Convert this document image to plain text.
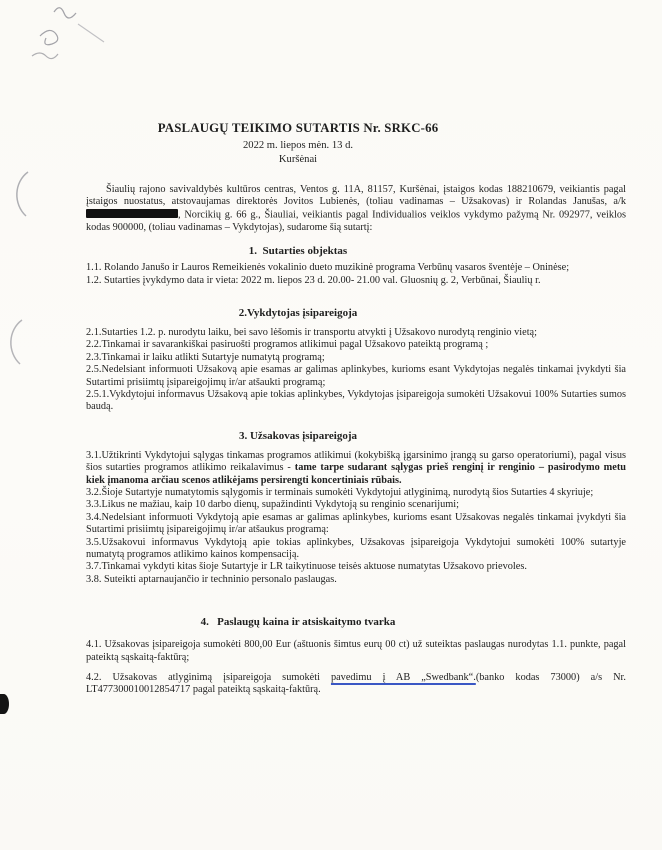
PASLAUGŲ TEIKIMO SUTARTIS Nr. SRKC-66
2022 m. liepos mėn. 13 d.
Kuršėnai

Šiaulių rajono savivaldybės kultūros centras, Ventos g. 11A, 81157, Kuršėnai, įstaigos kodas 188210679, veikiantis pagal įstaigos nuostatus, atstovaujamas direktorės Jovitos Lubienės, (toliau vadinamas – Užsakovas) ir Rolandas Janušas, a/k , Norcikių g. 66 g., Šiauliai, veikiantis pagal Individualios veiklos vykdymo pažymą Nr. 092977, veiklos kodas 900000, (toliau vadinamas – Vykdytojas), sudarome šią sutartį:

1.  Sutarties objektas

1.1. Rolando Janušo ir Lauros Remeikienės vokalinio dueto muzikinė programa Verbūnų vasaros šventėje – Oninėse;

1.2. Sutarties įvykdymo data ir vieta: 2022 m. liepos 23 d. 20.00- 21.00 val. Gluosnių g. 2, Verbūnai, Šiaulių r.

2.Vykdytojas įsipareigoja

2.1.Sutarties 1.2. p. nurodytu laiku, bei savo lėšomis ir transportu atvykti į Užsakovo nurodytą renginio vietą;

2.2.Tinkamai ir savarankiškai pasiruošti programos atlikimui pagal Užsakovo pateiktą programą ;

2.3.Tinkamai ir laiku atlikti Sutartyje numatytą programą;

2.5.Nedelsiant informuoti Užsakovą apie esamas ar galimas aplinkybes, kurioms esant Vykdytojas negalės tinkamai įvykdyti šia Sutartimi prisiimtų įsipareigojimų ir/ar atšaukti programą;

2.5.1.Vykdytojui informavus Užsakovą apie tokias aplinkybes, Vykdytojas įsipareigoja sumokėti Užsakovui 100% Sutarties sumos baudą.

3. Užsakovas įsipareigoja

3.1.Užtikrinti Vykdytojui sąlygas tinkamas programos atlikimui (kokybišką įgarsinimo įrangą su garso operatoriumi), pagal visus šios sutarties programos atlikimo reikalavimus - tame tarpe sudarant sąlygas prieš renginį ir renginio – pasirodymo metu kiek įmanoma arčiau scenos atlikėjams persirengti koncertiniais rūbais.

3.2.Šioje Sutartyje numatytomis sąlygomis ir terminais sumokėti Vykdytojui atlyginimą, nurodytą šios Sutarties 4 skyriuje;

3.3.Likus ne mažiau, kaip 10 darbo dienų, supažindinti Vykdytoją su renginio scenarijumi;

3.4.Nedelsiant informuoti Vykdytoją apie esamas ar galimas aplinkybes, kurioms esant Užsakovas negalės tinkamai įvykdyti šia Sutartimi prisiimtų įsipareigojimų ir/ar atšaukus programą:

3.5.Užsakovui informavus Vykdytoją apie tokias aplinkybes, Užsakovas įsipareigoja Vykdytojui sumokėti 100% sutartyje numatytą programos atlikimo kainos kompensaciją.

3.7.Tinkamai vykdyti kitas šioje Sutartyje ir LR taikytinuose teisės aktuose numatytas Užsakovo prievoles.

3.8. Suteikti aptarnaujančio ir techninio personalo paslaugas.

4.   Paslaugų kaina ir atsiskaitymo tvarka

4.1. Užsakovas įsipareigoja sumokėti 800,00 Eur (aštuonis šimtus eurų 00 ct) už suteiktas paslaugas nurodytas 1.1. punkte, pagal pateiktą sąskaitą-faktūrą;

4.2. Užsakovas atlyginimą įsipareigoja sumokėti pavedimu į AB „Swedbank“.(banko kodas 73000) a/s Nr. LT477300010012854717 pagal pateiktą sąskaitą-faktūrą.
